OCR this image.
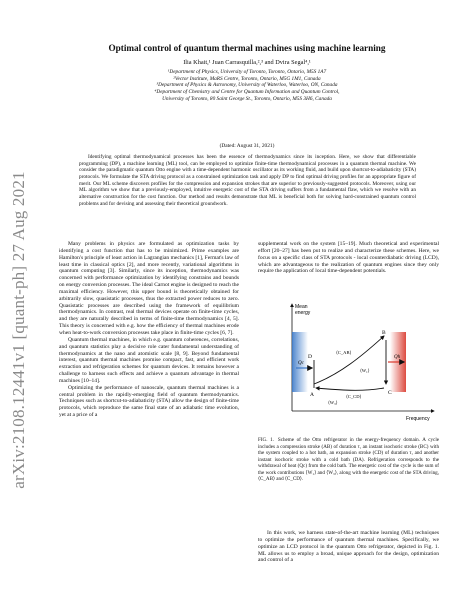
arXiv:2108.12441v1 [quant-ph] 27 Aug 2021
Optimal control of quantum thermal machines using machine learning
Ilia Khait,¹ Juan Carrasquilla,²,³ and Dvira Segal⁴,¹
¹Department of Physics, University of Toronto, Toronto, Ontario, M5S 1A7
²Vector Institute, MaRS Centre, Toronto, Ontario, M5G 1M1, Canada
³Department of Physics & Astronomy, University of Waterloo, Waterloo, ON, Canada
⁴Department of Chemistry and Centre for Quantum Information and Quantum Control,
University of Toronto, 80 Saint George St., Toronto, Ontario, M5S 3H6, Canada
(Dated: August 31, 2021)

Identifying optimal thermodynamical processes has been the essence of thermodynamics since its inception. Here, we show that differentiable programming (DP), a machine learning (ML) tool, can be employed to optimize finite-time thermodynamical processes in a quantum thermal machine. We consider the paradigmatic quantum Otto engine with a time-dependent harmonic oscillator as its working fluid, and build upon shortcut-to-adiabaticity (STA) protocols. We formulate the STA driving protocol as a constrained optimization task and apply DP to find optimal driving profiles for an appropriate figure of merit. Our ML scheme discovers profiles for the compression and expansion strokes that are superior to previously-suggested protocols. Moreover, using our ML algorithm we show that a previously-employed, intuitive energetic cost of the STA driving suffers from a fundamental flaw, which we resolve with an alternative construction for the cost function. Our method and results demonstrate that ML is beneficial both for solving hard-constrained quantum control problems and for devising and assessing their theoretical groundwork.

Many problems in physics are formulated as optimization tasks by identifying a cost function that has to be minimized. Prime examples are Hamilton's principle of least action in Lagrangian mechanics [1], Fermat's law of least time in classical optics [2], and more recently, variational algorithms in quantum computing [3]. Similarly, since its inception, thermodynamics was concerned with performance optimization by identifying constrains and bounds on energy conversion processes. The ideal Carnot engine is designed to reach the maximal efficiency. However, this upper bound is theoretically obtained for arbitrarily slow, quasistatic processes, thus the extracted power reduces to zero. Quasistatic processes are described using the framework of equilibrium thermodynamics. In contrast, real thermal devices operate on finite-time cycles, and they are naturally described in terms of finite-time thermodynamics [4, 5]. This theory is concerned with e.g. how the efficiency of thermal machines erode when heat-to-work conversion processes take place in finite-time cycles [6, 7].

Quantum thermal machines, in which e.g. quantum coherences, correlations, and quantum statistics play a decisive role cater fundamental understanding of thermodynamics at the nano and atomistic scale [8, 9]. Beyond fundamental interest, quantum thermal machines promise compact, fast, and efficient work extraction and refrigeration schemes for quantum devices. It remains however a challenge to harness such effects and achieve a quantum advantage in thermal machines [10–14].

Optimizing the performance of nanoscale, quantum thermal machines is a central problem in the rapidly-emerging field of quantum thermodynamics. Techniques such as shortcut-to-adiabaticity (STA) allow the design of finite-time protocols, which reproduce the same final state of an adiabatic time evolution, yet at a price of a

supplemental work on the system [15–19]. Much theoretical and experimental effort [20–27] has been put to realize and characterize these schemes. Here, we focus on a specific class of STA protocols - local counterdiabatic driving (LCD), which are advantageous to the realization of quantum engines since they only require the application of local time-dependent potentials.

Mean
energy
Frequency
A
B
C
D
Qc
Qh
⟨C_AB⟩
⟨W₁⟩
⟨C_CD⟩
⟨W₃⟩

FIG. 1. Scheme of the Otto refrigerator in the energy-frequency domain. A cycle includes a compression stroke (AB) of duration τ, an instant isochoric stroke (BC) with the system coupled to a hot bath, an expansion stroke (CD) of duration τ, and another instant isochoric stroke with a cold bath (DA). Refrigeration corresponds to the withdrawal of heat (Qc) from the cold bath. The energetic cost of the cycle is the sum of the work contributions ⟨W₁⟩ and ⟨W₃⟩, along with the energetic cost of the STA driving, ⟨C_AB⟩ and ⟨C_CD⟩.

In this work, we harness state-of-the-art machine learning (ML) techniques to optimize the performance of quantum thermal machines. Specifically, we optimize an LCD protocol in the quantum Otto refrigerator, depicted in Fig. 1. ML allows us to employ a broad, unique approach for the design, optimization and control of a
